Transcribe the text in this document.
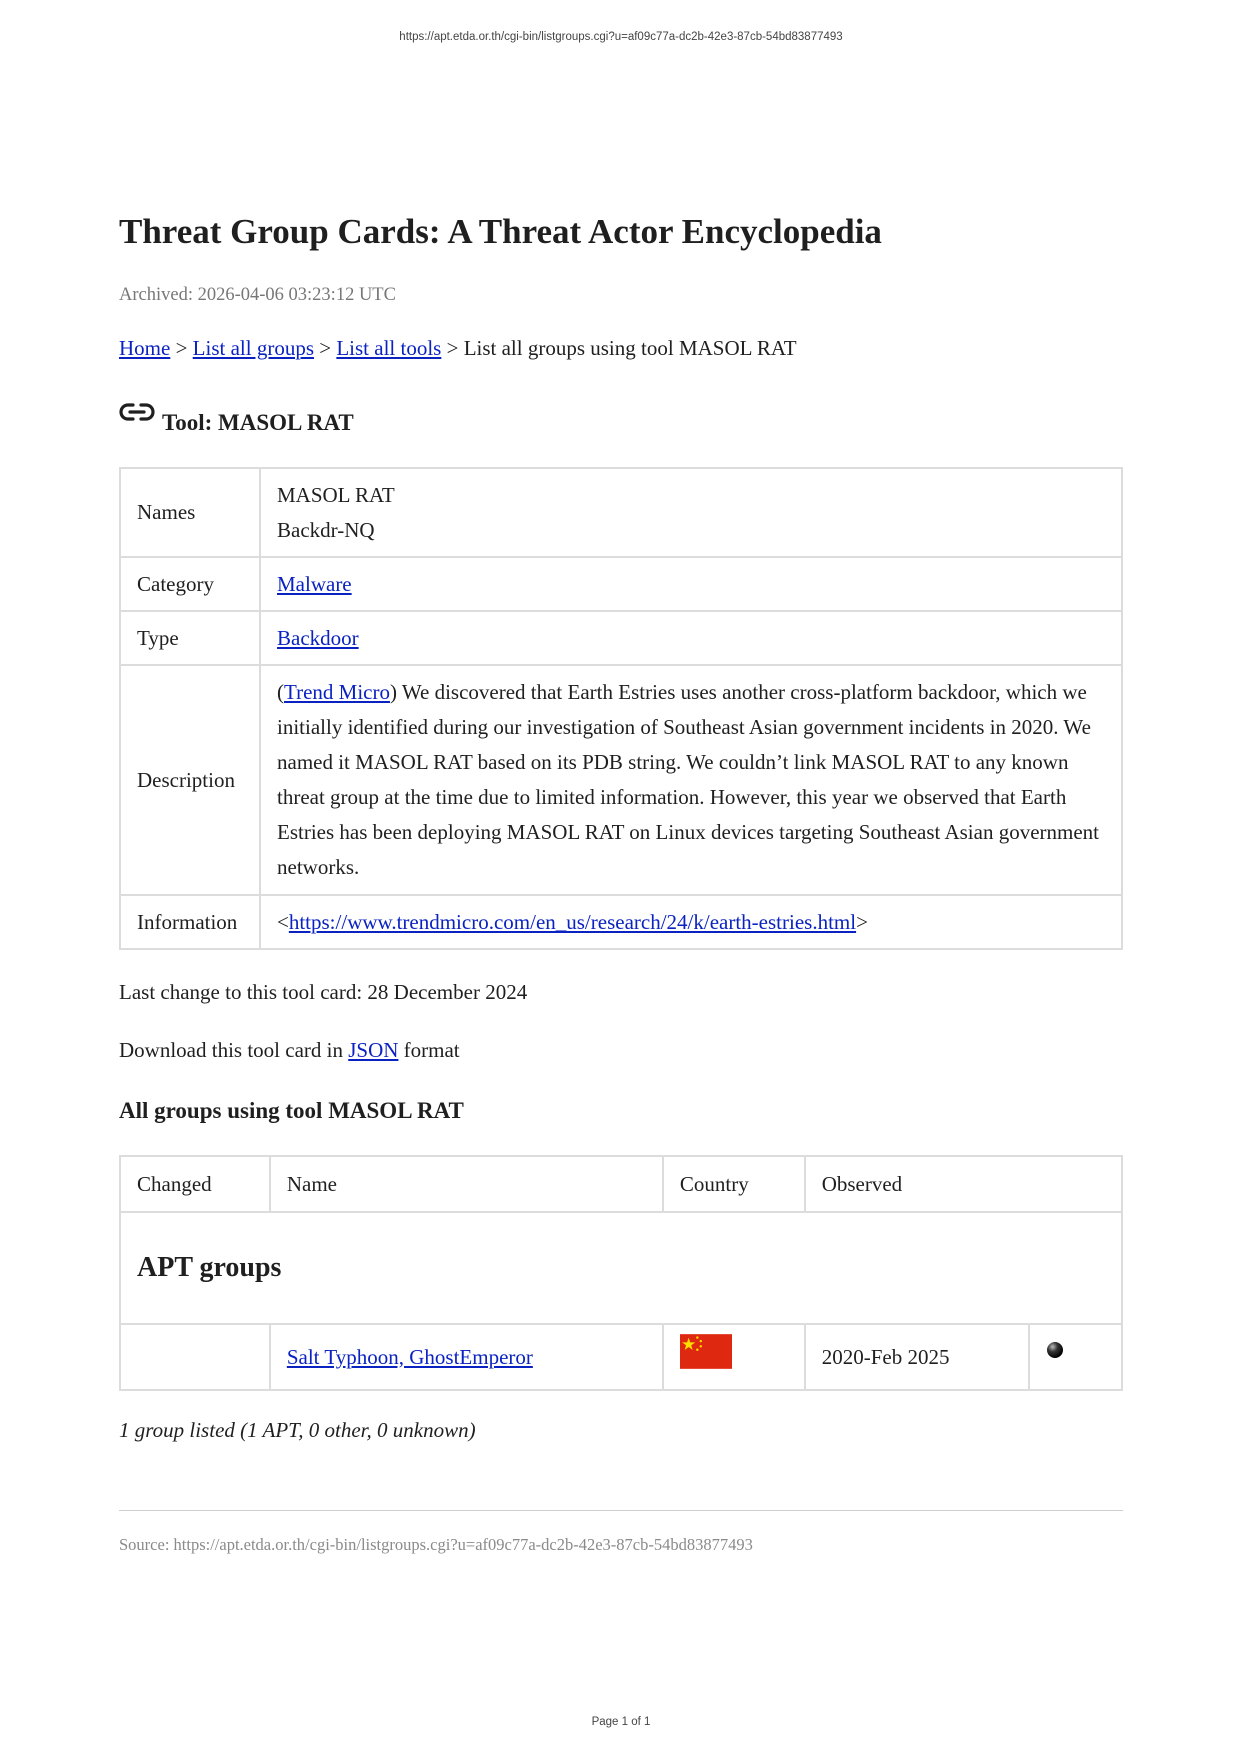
https://apt.etda.or.th/cgi-bin/listgroups.cgi?u=af09c77a-dc2b-42e3-87cb-54bd83877493
Threat Group Cards: A Threat Actor Encyclopedia
Archived: 2026-04-06 03:23:12 UTC
Home > List all groups > List all tools > List all groups using tool MASOL RAT
Tool: MASOL RAT
Names	MASOL RAT
Backdr-NQ

Category	Malware
Type	Backdoor
Description	(Trend Micro) We discovered that Earth Estries uses another cross-platform backdoor, which we initially identified during our investigation of Southeast Asian government incidents in 2020. We named it MASOL RAT based on its PDB string. We couldn’t link MASOL RAT to any known threat group at the time due to limited information. However, this year we observed that Earth Estries has been deploying MASOL RAT on Linux devices targeting Southeast Asian government networks.
Information	<https://www.trendmicro.com/en_us/research/24/k/earth-estries.html>
Last change to this tool card: 28 December 2024
Download this tool card in JSON format
All groups using tool MASOL RAT
Changed	Name	Country	Observed	
APT groups				
	Salt Typhoon, GhostEmperor		2020-Feb 2025	
1 group listed (1 APT, 0 other, 0 unknown)
Source: https://apt.etda.or.th/cgi-bin/listgroups.cgi?u=af09c77a-dc2b-42e3-87cb-54bd83877493
Page 1 of 1
